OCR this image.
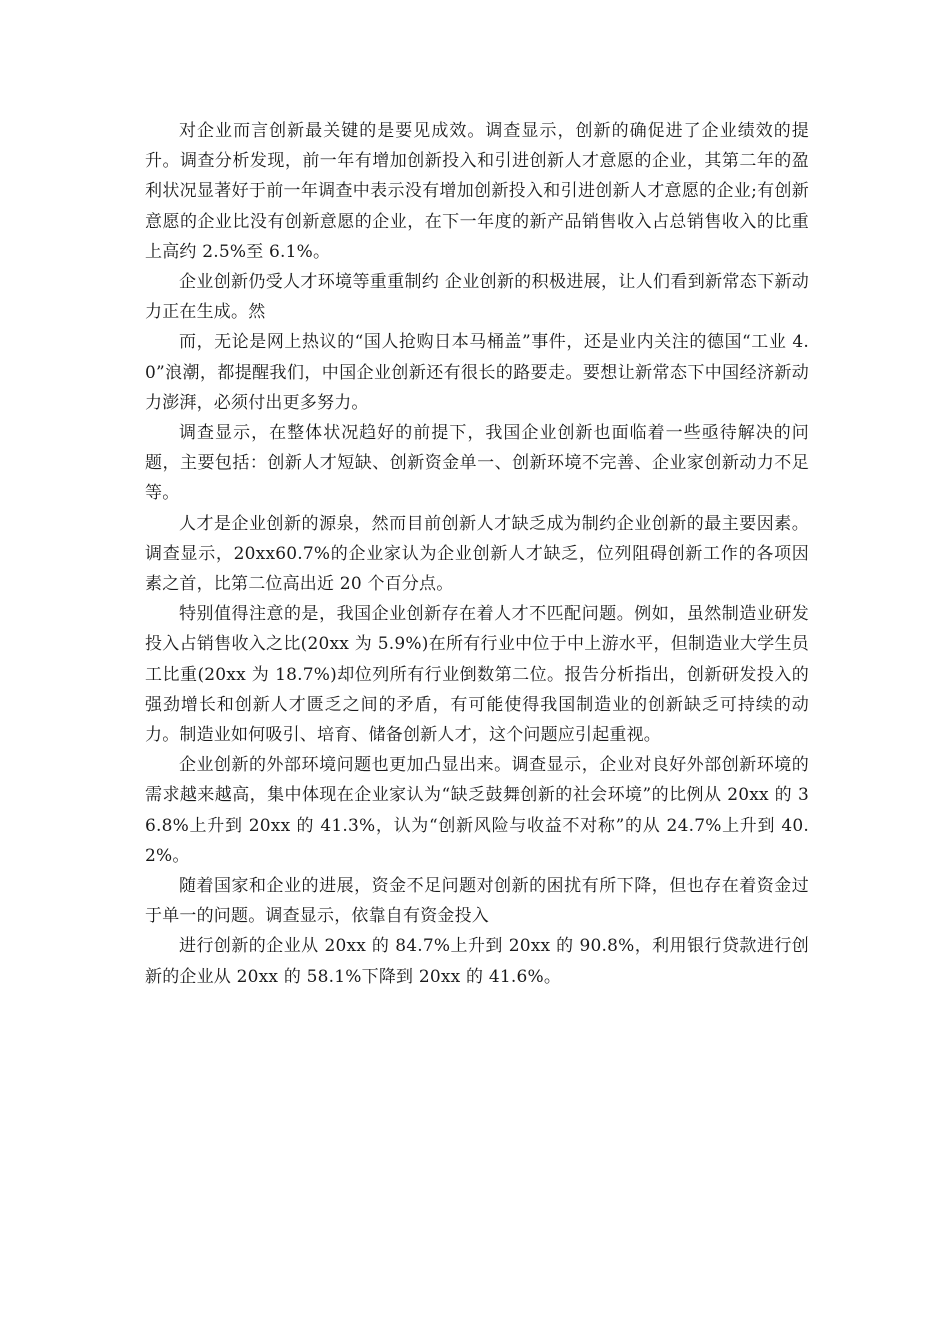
对企业而言创新最关键的是要见成效。调查显示，创新的确促进了企业绩效的提升。调查分析发现，前一年有增加创新投入和引进创新人才意愿的企业，其第二年的盈利状况显著好于前一年调查中表示没有增加创新投入和引进创新人才意愿的企业;有创新意愿的企业比没有创新意愿的企业，在下一年度的新产品销售收入占总销售收入的比重上高约 2.5%至 6.1%。

企业创新仍受人才环境等重重制约 企业创新的积极进展，让人们看到新常态下新动力正在生成。然

而，无论是网上热议的“国人抢购日本马桶盖”事件，还是业内关注的德国“工业 4.0”浪潮，都提醒我们，中国企业创新还有很长的路要走。要想让新常态下中国经济新动力澎湃，必须付出更多努力。

调查显示，在整体状况趋好的前提下，我国企业创新也面临着一些亟待解决的问题，主要包括：创新人才短缺、创新资金单一、创新环境不完善、企业家创新动力不足等。

人才是企业创新的源泉，然而目前创新人才缺乏成为制约企业创新的最主要因素。调查显示，20xx60.7%的企业家认为企业创新人才缺乏，位列阻碍创新工作的各项因素之首，比第二位高出近 20 个百分点。

特别值得注意的是，我国企业创新存在着人才不匹配问题。例如，虽然制造业研发投入占销售收入之比(20xx 为 5.9%)在所有行业中位于中上游水平，但制造业大学生员工比重(20xx 为 18.7%)却位列所有行业倒数第二位。报告分析指出，创新研发投入的强劲增长和创新人才匮乏之间的矛盾，有可能使得我国制造业的创新缺乏可持续的动力。制造业如何吸引、培育、储备创新人才，这个问题应引起重视。

企业创新的外部环境问题也更加凸显出来。调查显示，企业对良好外部创新环境的需求越来越高，集中体现在企业家认为“缺乏鼓舞创新的社会环境”的比例从 20xx 的 36.8%上升到 20xx 的 41.3%，认为“创新风险与收益不对称”的从 24.7%上升到 40.2%。

随着国家和企业的进展，资金不足问题对创新的困扰有所下降，但也存在着资金过于单一的问题。调查显示，依靠自有资金投入

进行创新的企业从 20xx 的 84.7%上升到 20xx 的 90.8%，利用银行贷款进行创新的企业从 20xx 的 58.1%下降到 20xx 的 41.6%。
